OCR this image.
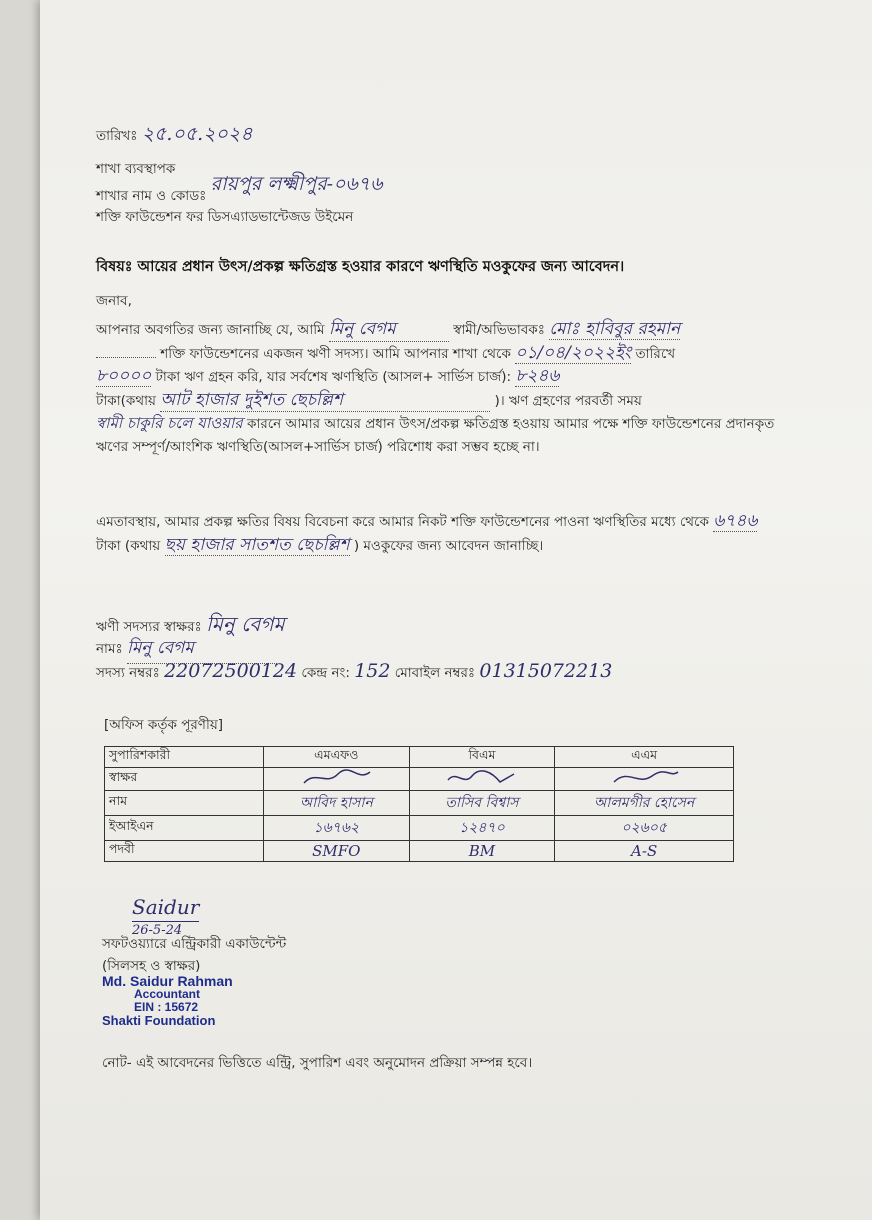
তারিখঃ ২৫.০৫.২০২৪
শাখা ব্যবস্থাপক
শাখার নাম ও কোডঃ রায়পুর লক্ষ্মীপুর-০৬৭৬
শক্তি ফাউন্ডেশন ফর ডিসএ্যাডভান্টেজড উইমেন
বিষয়ঃ আয়ের প্রধান উৎস/প্রকল্প ক্ষতিগ্রস্ত হওয়ার কারণে ঋণস্থিতি মওকুফের জন্য আবেদন।
জনাব,
আপনার অবগতির জন্য জানাচ্ছি যে, আমি মিনু বেগম	স্বামী/অভিভাবকঃ মোঃ হাবিবুর রহমান
শক্তি ফাউন্ডেশনের একজন ঋণী সদস্য। আমি আপনার শাখা থেকে ০১/০৪/২০২২ইং তারিখে
৮০০০০ টাকা ঋণ গ্রহন করি, যার সর্বশেষ ঋণস্থিতি (আসল+ সার্ভিস চার্জ): ৮২৪৬
টাকা(কথায় আট হাজার দুইশত ছেচল্লিশ	)। ঋণ গ্রহণের পরবর্তী সময়
স্বামী চাকুরি চলে যাওয়ার কারনে আমার আয়ের প্রধান উৎস/প্রকল্প ক্ষতিগ্রস্ত হওয়ায় আমার পক্ষে শক্তি ফাউন্ডেশনের প্রদানকৃত ঋণের সম্পূর্ণ/আংশিক ঋণস্থিতি(আসল+সার্ভিস চার্জ) পরিশোধ করা সম্ভব হচ্ছে না।
এমতাবস্থায়, আমার প্রকল্প ক্ষতির বিষয় বিবেচনা করে আমার নিকট শক্তি ফাউন্ডেশনের পাওনা ঋণস্থিতির মধ্যে থেকে ৬৭৪৬ টাকা (কথায় ছয় হাজার সাতশত ছেচল্লিশ ) মওকুফের জন্য আবেদন জানাচ্ছি।
ঋণী সদস্যর স্বাক্ষরঃ মিনু বেগম
নামঃ মিনু বেগম
সদস্য নম্বরঃ 22072500124 কেন্দ্র নং: 152 মোবাইল নম্বরঃ 01315072213
[অফিস কর্তৃক পূরণীয়]
সুপারিশকারী	এমএফও	বিএম	এএম
স্বাক্ষর			
নাম	আবিদ হাসান	তাসিব বিশ্বাস	আলমগীর হোসেন
ইআইএন	১৬৭৬২	১২৪৭০	০২৬০৫
পদবী	SMFO	BM	A-S
Saidur
26-5-24
সফটওয়্যারে এন্ট্রিকারী একাউন্টেন্ট
(সিলসহ ও স্বাক্ষর)
Md. Saidur Rahman
Accountant
EIN : 15672
Shakti Foundation
নোট- এই আবেদনের ভিত্তিতে এন্ট্রি, সুপারিশ এবং অনুমোদন প্রক্রিয়া সম্পন্ন হবে।
